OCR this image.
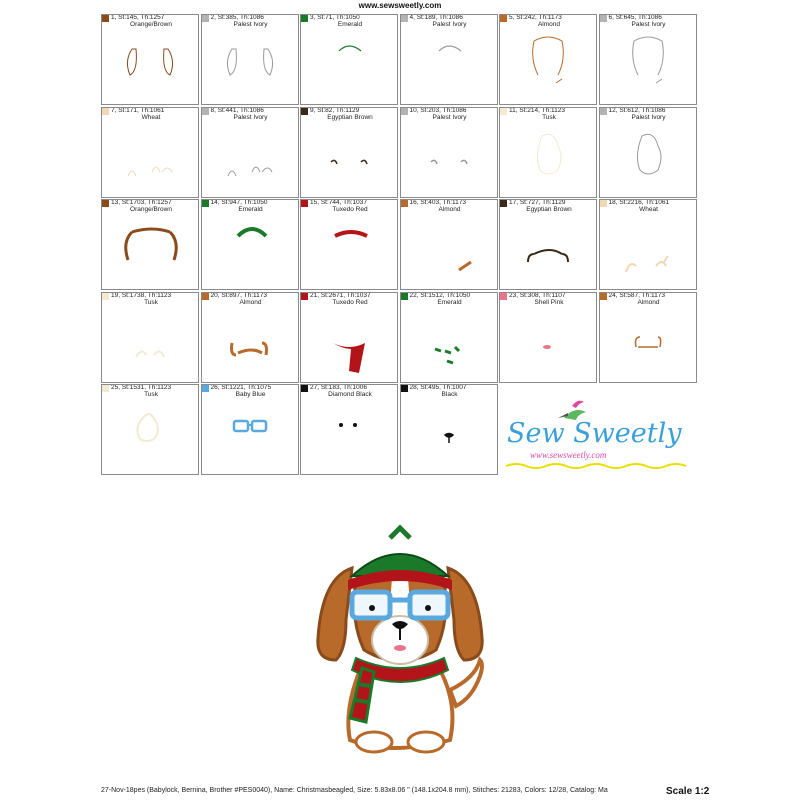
www.sewsweetly.com
1, St:145, Th:1257
Orange/Brown
2, St:385, Th:1086
Palest Ivory
3, St:71, Th:1050
Emerald
4, St:189, Th:1086
Palest Ivory
5, St:242, Th:1173
Almond
6, St:645, Th:1086
Palest Ivory
7, St:171, Th:1061
Wheat
8, St:441, Th:1086
Palest Ivory
9, St:82, Th:1129
Egyptian Brown
10, St:203, Th:1086
Palest Ivory
11, St:214, Th:1123
Tusk
12, St:612, Th:1086
Palest Ivory
13, St:1703, Th:1257
Orange/Brown
14, St:947, Th:1050
Emerald
15, St:744, Th:1037
Tuxedo Red
16, St:403, Th:1173
Almond
17, St:727, Th:1129
Egyptian Brown
18, St:2216, Th:1061
Wheat
19, St:1738, Th:1123
Tusk
20, St:897, Th:1173
Almond
21, St:2671, Th:1037
Tuxedo Red
22, St:1512, Th:1050
Emerald
23, St:308, Th:1107
Shell Pink
24, St:587, Th:1173
Almond
25, St:1531, Th:1123
Tusk
26, St:1221, Th:1075
Baby Blue
27, St:183, Th:1006
Diamond Black
28, St:495, Th:1007
Black
Sew Sweetly
www.sewsweetly.com
27-Nov-18pes (Babylock, Bernina, Brother #PES0040), Name: Christmasbeagled, Size: 5.83x8.06 " (148.1x204.8 mm), Stitches: 21283, Colors: 12/28, Catalog: Ma	Scale 1:2
